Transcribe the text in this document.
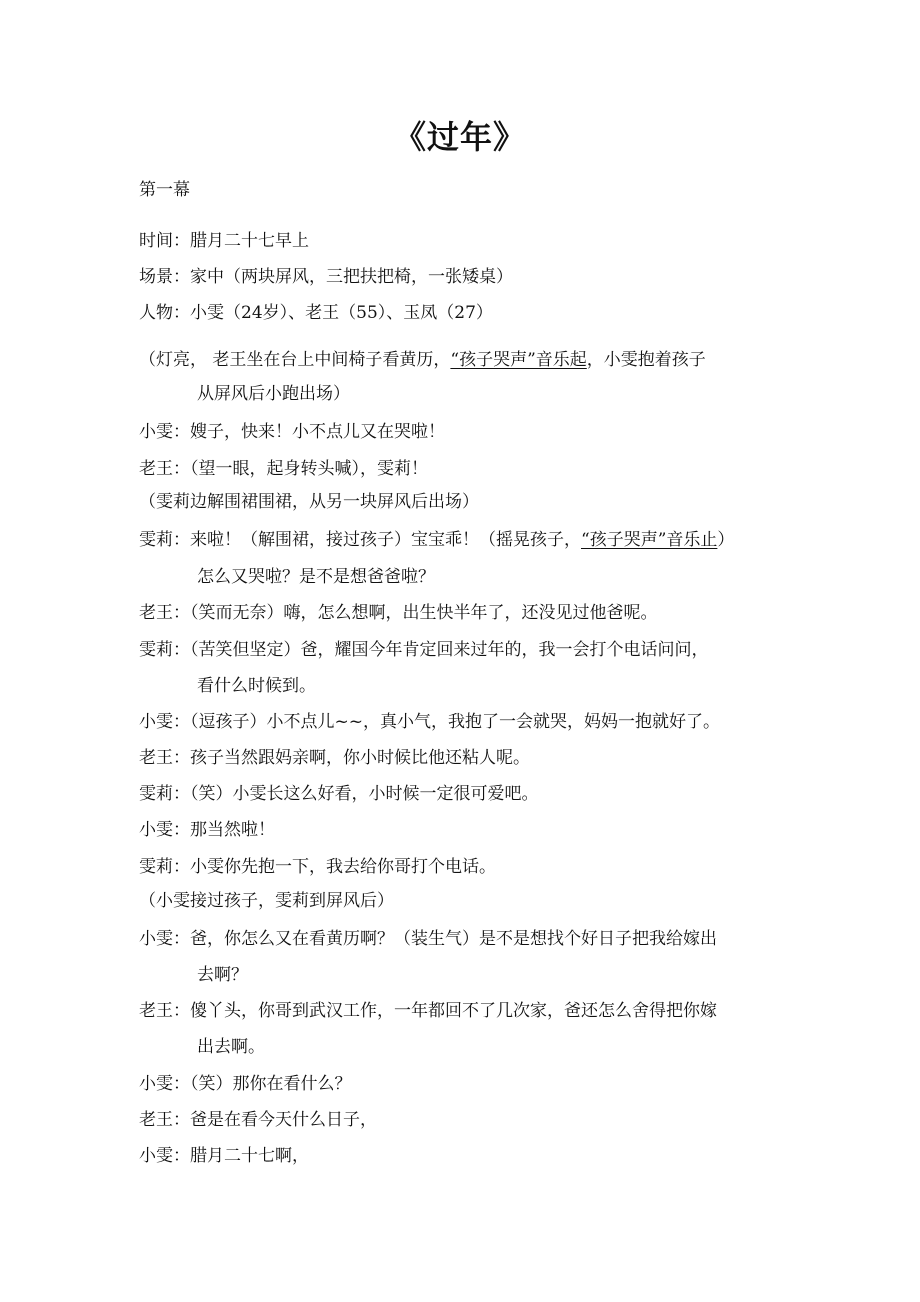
《过年》
第一幕
时间：腊月二十七早上
场景：家中（两块屏风，三把扶把椅，一张矮桌）
人物：小雯（24岁）、老王（55）、玉凤（27）
（灯亮， 老王坐在台上中间椅子看黄历，“孩子哭声”音乐起，小雯抱着孩子
从屏风后小跑出场）
小雯：嫂子，快来！小不点儿又在哭啦！
老王：（望一眼，起身转头喊），雯莉！
（雯莉边解围裙围裙，从另一块屏风后出场）
雯莉：来啦！（解围裙，接过孩子）宝宝乖！（摇晃孩子，“孩子哭声”音乐止）
怎么又哭啦？是不是想爸爸啦？
老王：（笑而无奈）嗨，怎么想啊，出生快半年了，还没见过他爸呢。
雯莉：（苦笑但坚定）爸，耀国今年肯定回来过年的，我一会打个电话问问，
看什么时候到。
小雯：（逗孩子）小不点儿~~，真小气，我抱了一会就哭，妈妈一抱就好了。
老王：孩子当然跟妈亲啊，你小时候比他还粘人呢。
雯莉：（笑）小雯长这么好看，小时候一定很可爱吧。
小雯：那当然啦！
雯莉：小雯你先抱一下，我去给你哥打个电话。
（小雯接过孩子，雯莉到屏风后）
小雯：爸，你怎么又在看黄历啊？（装生气）是不是想找个好日子把我给嫁出
去啊？
老王：傻丫头，你哥到武汉工作，一年都回不了几次家，爸还怎么舍得把你嫁
出去啊。
小雯：（笑）那你在看什么？
老王：爸是在看今天什么日子，
小雯：腊月二十七啊，
